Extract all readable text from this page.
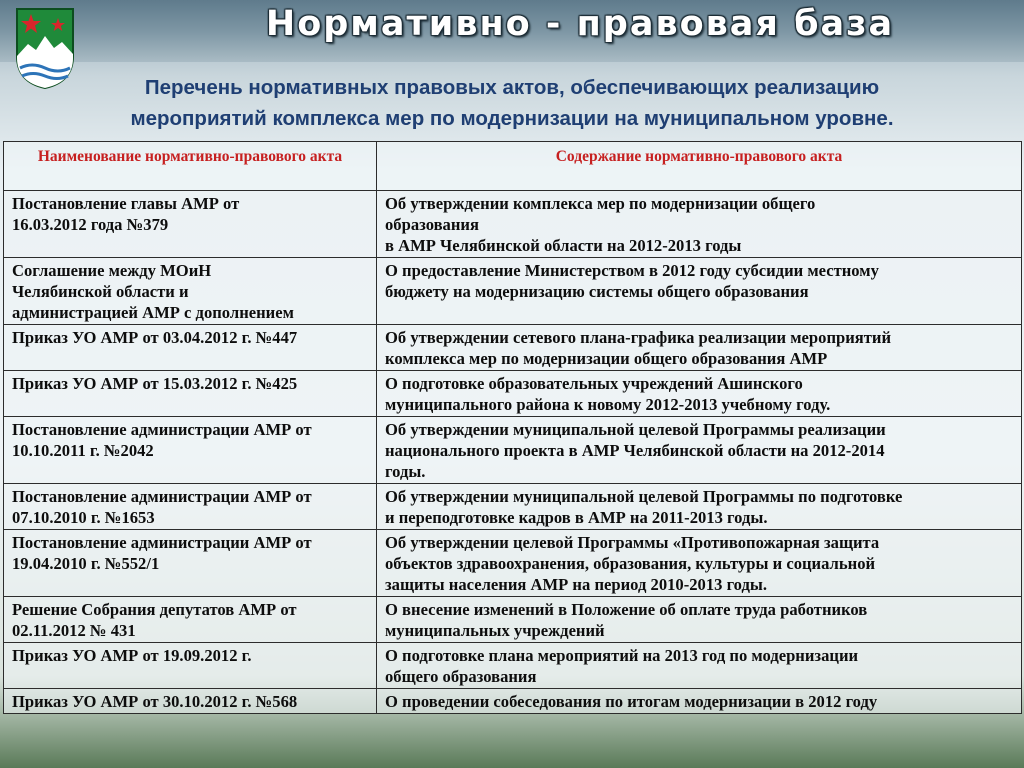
Нормативно - правовая база
Перечень нормативных правовых актов, обеспечивающих реализацию
мероприятий комплекса мер по модернизации на муниципальном уровне.
Наименование нормативно-правового акта	Содержание нормативно-правового акта

Постановление главы АМР от
16.03.2012 года №379	Об утверждении комплекса мер по модернизации общего
образования
в АМР Челябинской области на 2012-2013 годы

Соглашение между МОиН
Челябинской области и
администрацией АМР с дополнением	О предоставление Министерством в 2012 году субсидии местному
бюджету на модернизацию системы общего образования

Приказ УО АМР от 03.04.2012 г. №447	Об утверждении сетевого плана-графика реализации мероприятий
комплекса мер по модернизации общего образования АМР

Приказ УО АМР от 15.03.2012 г. №425	О подготовке образовательных учреждений Ашинского
муниципального района к новому 2012-2013 учебному году.

Постановление администрации АМР от
10.10.2011 г. №2042	Об утверждении муниципальной целевой Программы реализации
национального проекта в АМР Челябинской области на 2012-2014
годы.

Постановление администрации АМР от
07.10.2010 г. №1653	Об утверждении муниципальной целевой Программы по подготовке
и переподготовке кадров в АМР на 2011-2013 годы.

Постановление администрации АМР от
19.04.2010 г. №552/1	Об утверждении целевой Программы «Противопожарная защита
объектов здравоохранения, образования, культуры и социальной
защиты населения АМР на период 2010-2013 годы.

Решение Собрания депутатов АМР от
02.11.2012 № 431	О внесение изменений в Положение об оплате труда работников
муниципальных учреждений

Приказ УО АМР от 19.09.2012 г.	О подготовке плана мероприятий на 2013 год по модернизации
общего образования

Приказ УО АМР от 30.10.2012 г. №568	О проведении собеседования по итогам модернизации в 2012 году
